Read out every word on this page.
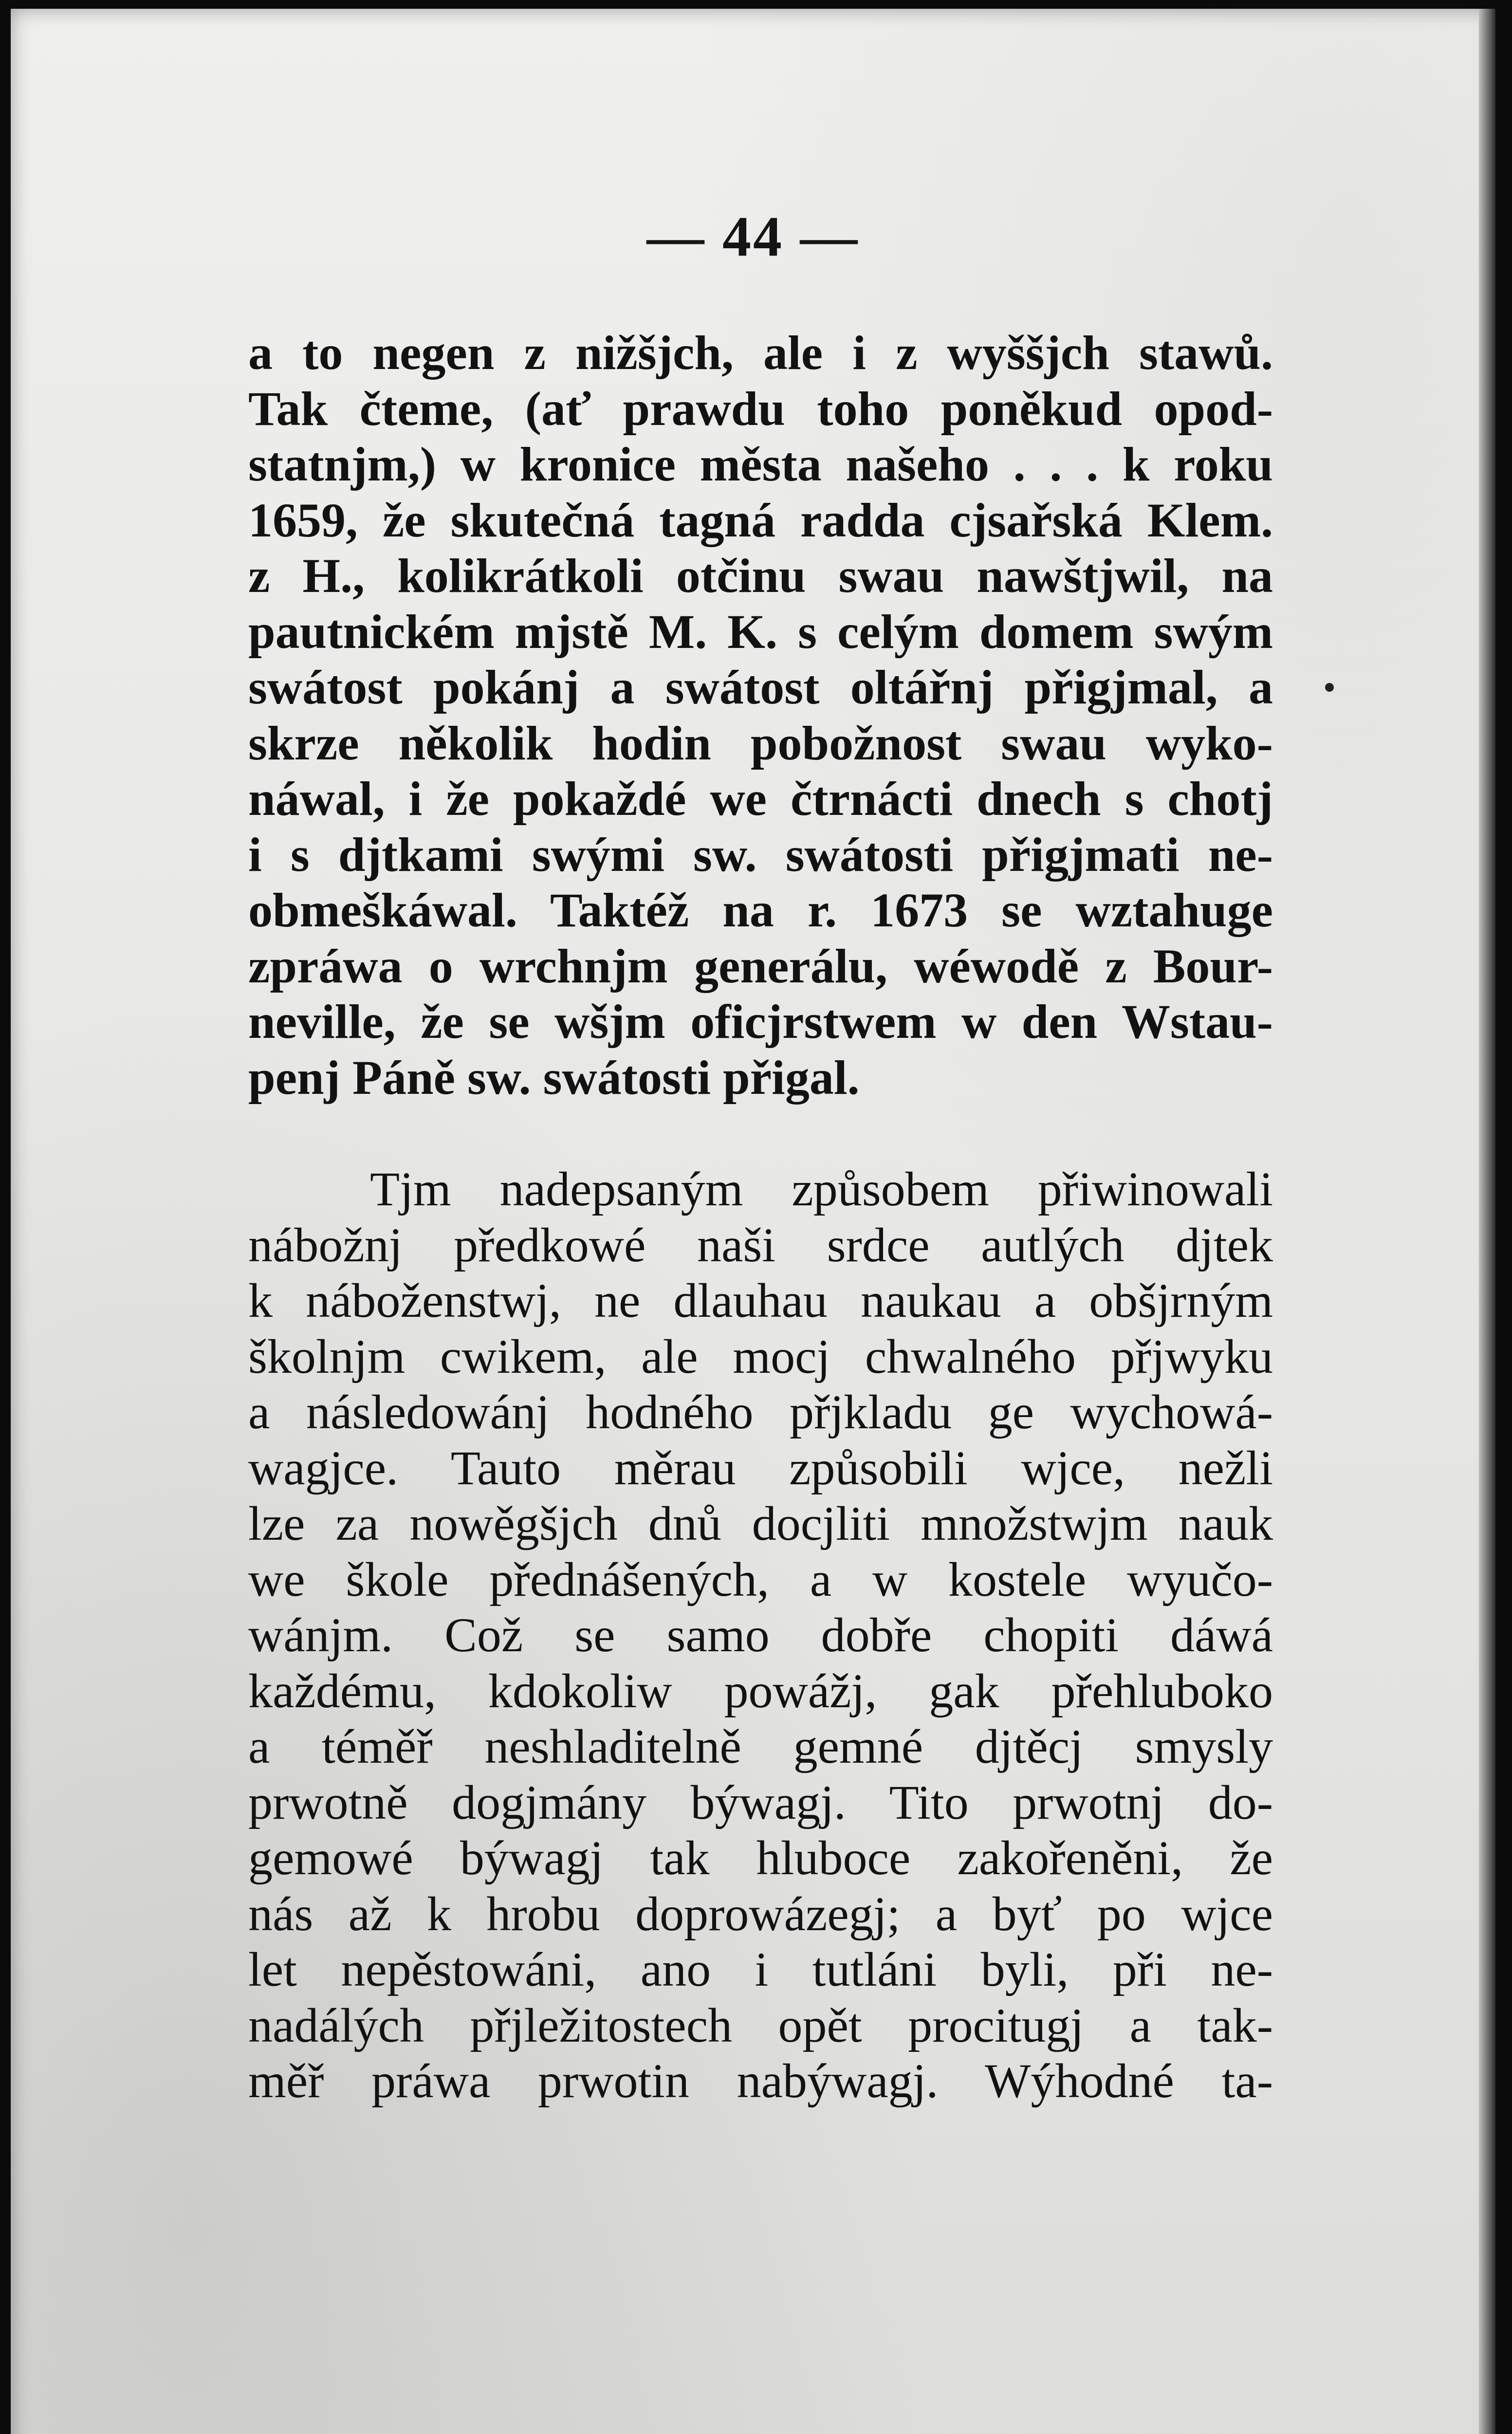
— 44 —
a to negen z nižšjch, ale i z wyššjch stawů.
Tak čteme, (ať prawdu toho poněkud opod-
statnjm,) w kronice města našeho . . . k roku
1659, že skutečná tagná radda cjsařská Klem.
z H., kolikrátkoli otčinu swau nawštjwil, na
pautnickém mjstě M. K. s celým domem swým
swátost pokánj a swátost oltářnj přigjmal, a
skrze několik hodin pobožnost swau wyko-
náwal, i že pokaždé we čtrnácti dnech s chotj
i s djtkami swými sw. swátosti přigjmati ne-
obmeškáwal. Taktéž na r. 1673 se wztahuge
zpráwa o wrchnjm generálu, wéwodě z Bour-
neville, že se wšjm oficjrstwem w den Wstau-
penj Páně sw. swátosti přigal.
Tjm nadepsaným způsobem přiwinowali
nábožnj předkowé naši srdce autlých djtek
k náboženstwj, ne dlauhau naukau a obšjrným
školnjm cwikem, ale mocj chwalného přjwyku
a následowánj hodného přjkladu ge wychowá-
wagjce. Tauto měrau způsobili wjce, nežli
lze za nowěgšjch dnů docjliti množstwjm nauk
we škole přednášených, a w kostele wyučo-
wánjm. Což se samo dobře chopiti dáwá
každému, kdokoliw powážj, gak přehluboko
a téměř neshladitelně gemné djtěcj smysly
prwotně dogjmány býwagj. Tito prwotnj do-
gemowé býwagj tak hluboce zakořeněni, že
nás až k hrobu doprowázegj; a byť po wjce
let nepěstowáni, ano i tutláni byli, při ne-
nadálých přjležitostech opět procitugj a tak-
měř práwa prwotin nabýwagj. Wýhodné ta-
